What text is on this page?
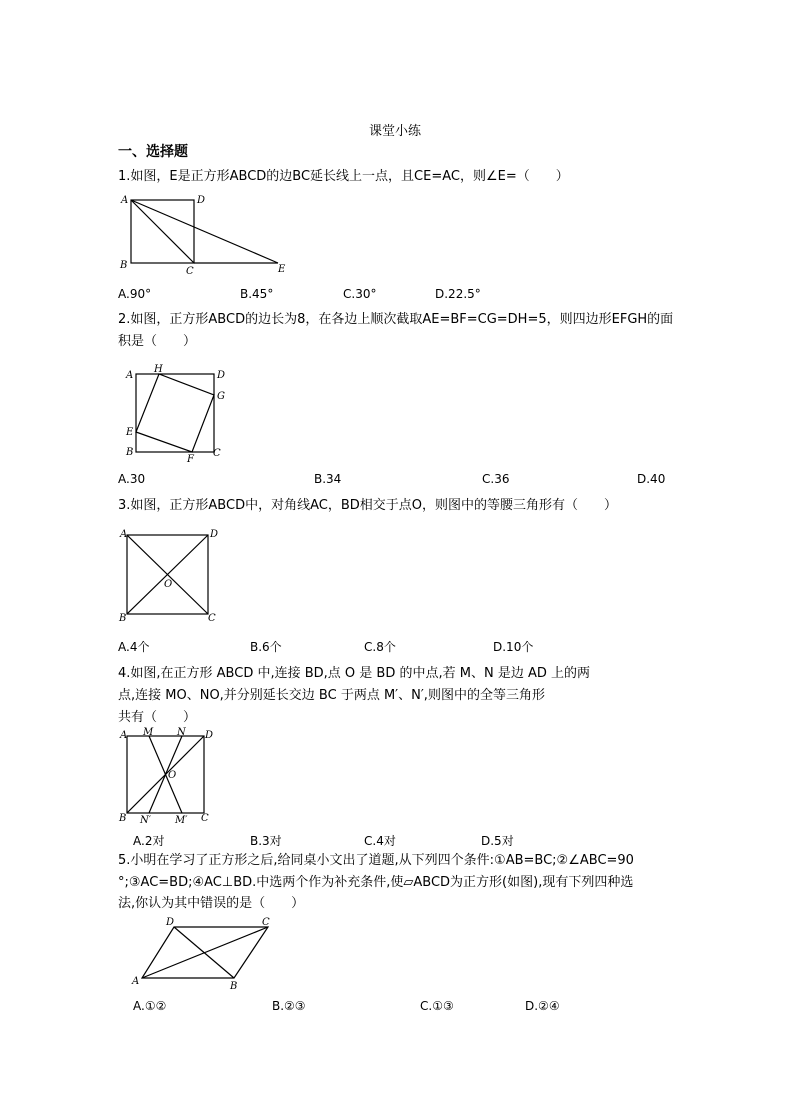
课堂小练
一、选择题
1.如图，E是正方形ABCD的边BC延长线上一点，且CE=AC，则∠E=（　　）
A	D
B
C	E
A.90°	B.45°	C.30°	D.22.5°
2.如图，正方形ABCD的边长为8，在各边上顺次截取AE=BF=CG=DH=5，则四边形EFGH的面
积是（　　）
A
H
D
G
E
B
F
C
A.30	B.34	C.36	D.40
3.如图，正方形ABCD中，对角线AC，BD相交于点O，则图中的等腰三角形有（　　）
A	D
O
B	C
A.4个	B.6个	C.8个	D.10个
4.如图,在正方形 ABCD 中,连接 BD,点 O 是 BD 的中点,若 M、N 是边 AD 上的两
点,连接 MO、NO,并分别延长交边 BC 于两点 M′、N′,则图中的全等三角形
共有（　　）
A M N D
O
B N′ M′ C
A.2对	B.3对	C.4对	D.5对
5.小明在学习了正方形之后,给同桌小文出了道题,从下列四个条件:①AB=BC;②∠ABC=90
°;③AC=BD;④AC⊥BD.中选两个作为补充条件,使▱ABCD为正方形(如图),现有下列四种选
法,你认为其中错误的是（　　）
D	C
A	B
A.①②	B.②③	C.①③	D.②④
